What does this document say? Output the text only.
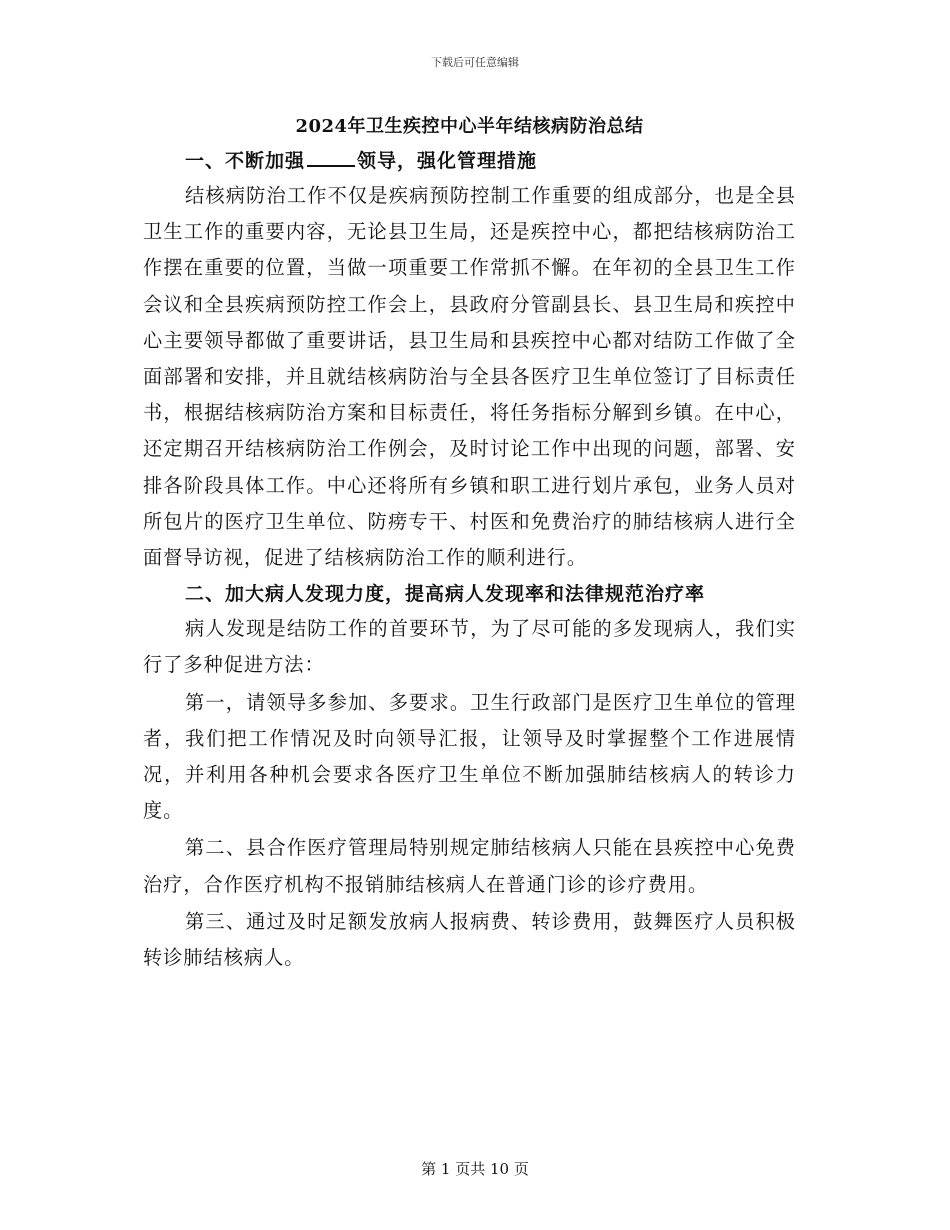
下载后可任意编辑
2024年卫生疾控中心半年结核病防治总结
一、不断加强	领导，强化管理措施

结核病防治工作不仅是疾病预防控制工作重要的组成部分，也是全县卫生工作的重要内容，无论县卫生局，还是疾控中心，都把结核病防治工作摆在重要的位置，当做一项重要工作常抓不懈。在年初的全县卫生工作会议和全县疾病预防控工作会上，县政府分管副县长、县卫生局和疾控中心主要领导都做了重要讲话，县卫生局和县疾控中心都对结防工作做了全面部署和安排，并且就结核病防治与全县各医疗卫生单位签订了目标责任书，根据结核病防治方案和目标责任，将任务指标分解到乡镇。在中心，还定期召开结核病防治工作例会，及时讨论工作中出现的问题，部署、安排各阶段具体工作。中心还将所有乡镇和职工进行划片承包，业务人员对所包片的医疗卫生单位、防痨专干、村医和免费治疗的肺结核病人进行全面督导访视，促进了结核病防治工作的顺利进行。

二、加大病人发现力度，提高病人发现率和法律规范治疗率

病人发现是结防工作的首要环节，为了尽可能的多发现病人，我们实行了多种促进方法：

第一，请领导多参加、多要求。卫生行政部门是医疗卫生单位的管理者，我们把工作情况及时向领导汇报，让领导及时掌握整个工作进展情况，并利用各种机会要求各医疗卫生单位不断加强肺结核病人的转诊力度。

第二、县合作医疗管理局特别规定肺结核病人只能在县疾控中心免费治疗，合作医疗机构不报销肺结核病人在普通门诊的诊疗费用。

第三、通过及时足额发放病人报病费、转诊费用，鼓舞医疗人员积极转诊肺结核病人。

第 1 页共 10 页
